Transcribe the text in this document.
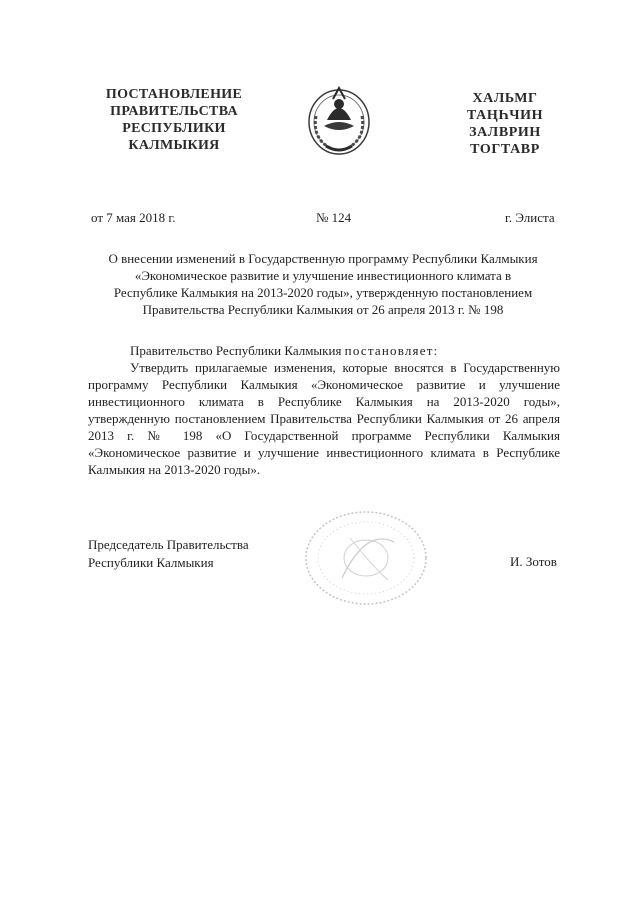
ПОСТАНОВЛЕНИЕ
ПРАВИТЕЛЬСТВА
РЕСПУБЛИКИ
КАЛМЫКИЯ
ХАЛЬМГ
ТАҢҺЧИН
ЗАЛВРИН
ТОГТАВР
от 7 мая 2018 г.	№ 124	г. Элиста
О внесении изменений в Государственную программу Республики Калмыкия
«Экономическое развитие и улучшение инвестиционного климата в
Республике Калмыкия на 2013-2020 годы», утвержденную постановлением
Правительства Республики Калмыкия от 26 апреля 2013 г. № 198
Правительство Республики Калмыкия постановляет:

Утвердить прилагаемые изменения, которые вносятся в Государственную программу Республики Калмыкия «Экономическое развитие и улучшение инвестиционного климата в Республике Калмыкия на 2013-2020 годы», утвержденную постановлением Правительства Республики Калмыкия от 26 апреля 2013 г. № 198 «О Государственной программе Республики Калмыкия «Экономическое развитие и улучшение инвестиционного климата в Республике Калмыкия на 2013-2020 годы».

Председатель Правительства
Республики Калмыкия	И. Зотов
